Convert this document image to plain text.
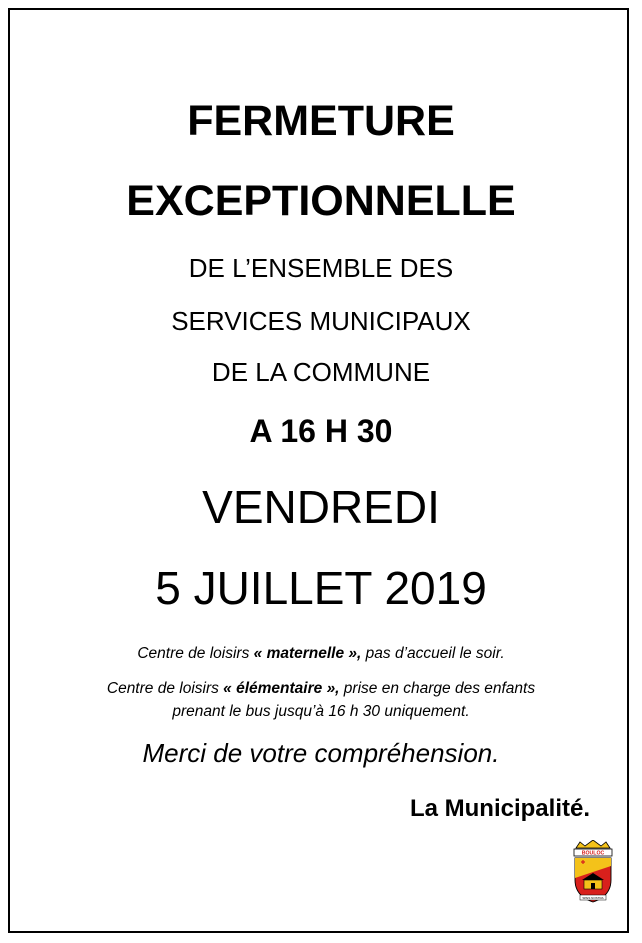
FERMETURE
EXCEPTIONNELLE
DE L’ENSEMBLE DES
SERVICES MUNICIPAUX
DE LA COMMUNE
A 16 H 30
VENDREDI
5 JUILLET 2019
Centre de loisirs « maternelle », pas d’accueil le soir.
Centre de loisirs « élémentaire », prise en charge des enfants
prenant le bus jusqu’à 16 h 30 uniquement.
Merci de votre compréhension.
La Municipalité.
BOULOC
SPES NOSTRA
